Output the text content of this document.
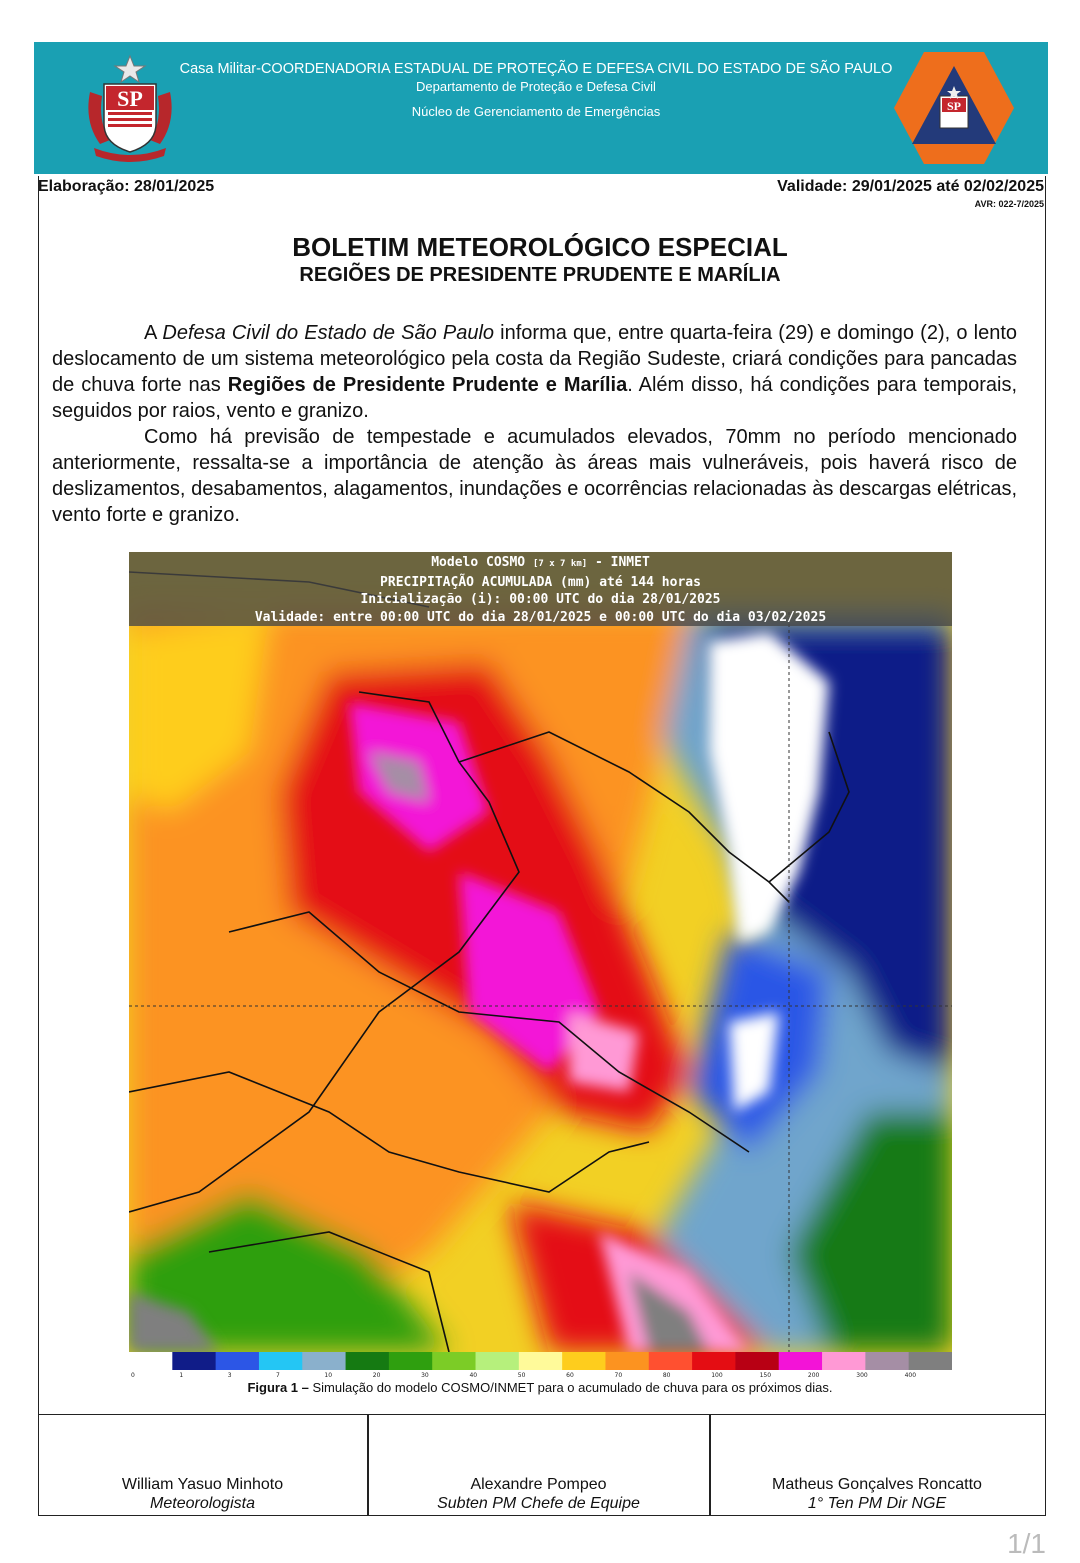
SP
Casa Militar-COORDENADORIA ESTADUAL DE PROTEÇÃO E DEFESA CIVIL DO ESTADO DE SÃO PAULO
Departamento de Proteção e Defesa Civil
Núcleo de Gerenciamento de Emergências	SP
Elaboração: 28/01/2025	Validade: 29/01/2025 até 02/02/2025
AVR: 022-7/2025
BOLETIM METEOROLÓGICO ESPECIAL
REGIÕES DE PRESIDENTE PRUDENTE E MARÍLIA

A Defesa Civil do Estado de São Paulo informa que, entre quarta-feira (29) e domingo (2), o lento deslocamento de um sistema meteorológico pela costa da Região Sudeste, criará condições para pancadas de chuva forte nas Regiões de Presidente Prudente e Marília. Além disso, há condições para temporais, seguidos por raios, vento e granizo.

Como há previsão de tempestade e acumulados elevados, 70mm no período mencionado anteriormente, ressalta-se a importância de atenção às áreas mais vulneráveis, pois haverá risco de deslizamentos, desabamentos, alagamentos, inundações e ocorrências relacionadas às descargas elétricas, vento forte e granizo.

Modelo COSMO [7 x 7 km] - INMET
PRECIPITAÇÃO ACUMULADA (mm) até 144 horas
Inicialização (i): 00:00 UTC do dia 28/01/2025
Validade: entre 00:00 UTC do dia 28/01/2025 e 00:00 UTC do dia 03/02/2025
0	1	3	7	10	20	30	40	50	60	70	80	100	150	200	300	400
Figura 1 – Simulação do modelo COSMO/INMET para o acumulado de chuva para os próximos dias.
William Yasuo Minhoto
Meteorologista
Alexandre Pompeo
Subten PM Chefe de Equipe
Matheus Gonçalves Roncatto
1° Ten PM Dir NGE
1/1
